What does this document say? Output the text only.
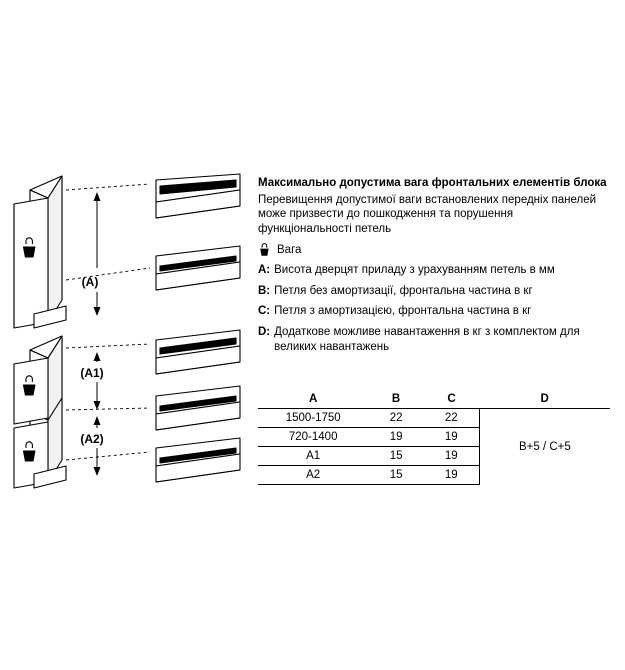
(A)
(A1)
(A2)

Максимально допустима вага фронтальних елементів блока

Перевищення допустимої ваги встановлених передніх панелей може призвести до пошкодження та порушення функціональності петель

Вага

A: Висота дверцят приладу з урахуванням петель в мм

B: Петля без амортизації, фронтальна частина в кг

C: Петля з амортизацією, фронтальна частина в кг

D: Додаткове можливе навантаження в кг з комплектом для великих навантажень

A	B	C	D
1500-1750	22	22	B+5 / C+5
720-1400	19	19	
A1	15	19	
A2	15	19	
